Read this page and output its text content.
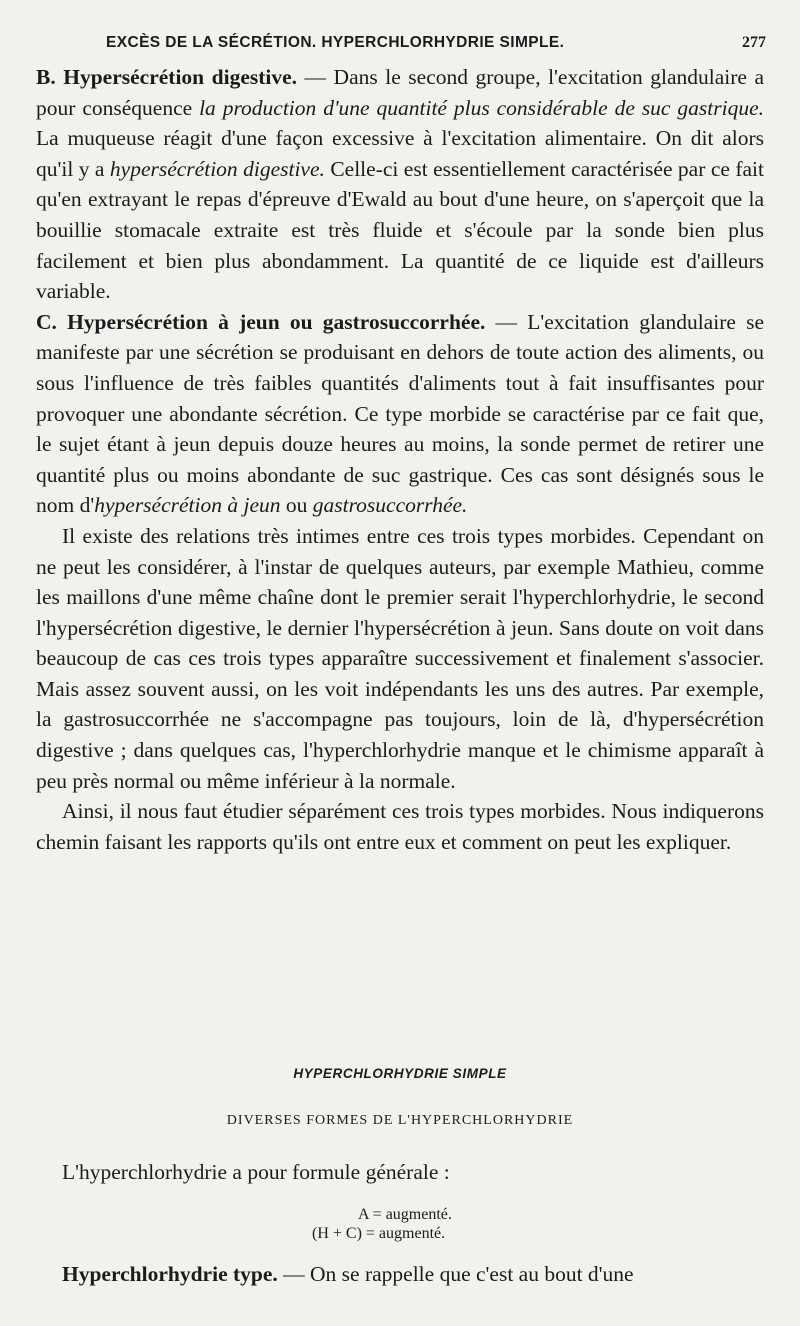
EXCÈS DE LA SÉCRÉTION. HYPERCHLORHYDRIE SIMPLE.	277

B. Hypersécrétion digestive. — Dans le second groupe, l'excitation glandulaire a pour conséquence la production d'une quantité plus considérable de suc gastrique. La muqueuse réagit d'une façon excessive à l'excitation alimentaire. On dit alors qu'il y a hypersécrétion digestive. Celle-ci est essentiellement caractérisée par ce fait qu'en extrayant le repas d'épreuve d'Ewald au bout d'une heure, on s'aperçoit que la bouillie stomacale extraite est très fluide et s'écoule par la sonde bien plus facilement et bien plus abondamment. La quantité de ce liquide est d'ailleurs variable.

C. Hypersécrétion à jeun ou gastrosuccorrhée. — L'excitation glandulaire se manifeste par une sécrétion se produisant en dehors de toute action des aliments, ou sous l'influence de très faibles quantités d'aliments tout à fait insuffisantes pour provoquer une abondante sécrétion. Ce type morbide se caractérise par ce fait que, le sujet étant à jeun depuis douze heures au moins, la sonde permet de retirer une quantité plus ou moins abondante de suc gastrique. Ces cas sont désignés sous le nom d'hypersécrétion à jeun ou gastrosuccorrhée.

Il existe des relations très intimes entre ces trois types morbides. Cependant on ne peut les considérer, à l'instar de quelques auteurs, par exemple Mathieu, comme les maillons d'une même chaîne dont le premier serait l'hyperchlorhydrie, le second l'hypersécrétion digestive, le dernier l'hypersécrétion à jeun. Sans doute on voit dans beaucoup de cas ces trois types apparaître successivement et finalement s'associer. Mais assez souvent aussi, on les voit indépendants les uns des autres. Par exemple, la gastrosuccorrhée ne s'accompagne pas toujours, loin de là, d'hypersécrétion digestive ; dans quelques cas, l'hyperchlorhydrie manque et le chimisme apparaît à peu près normal ou même inférieur à la normale.

Ainsi, il nous faut étudier séparément ces trois types morbides. Nous indiquerons chemin faisant les rapports qu'ils ont entre eux et comment on peut les expliquer.

HYPERCHLORHYDRIE SIMPLE
DIVERSES FORMES DE L'HYPERCHLORHYDRIE
L'hyperchlorhydrie a pour formule générale :
A = augmenté.
(H + C) = augmenté.
Hyperchlorhydrie type. — On se rappelle que c'est au bout d'une
